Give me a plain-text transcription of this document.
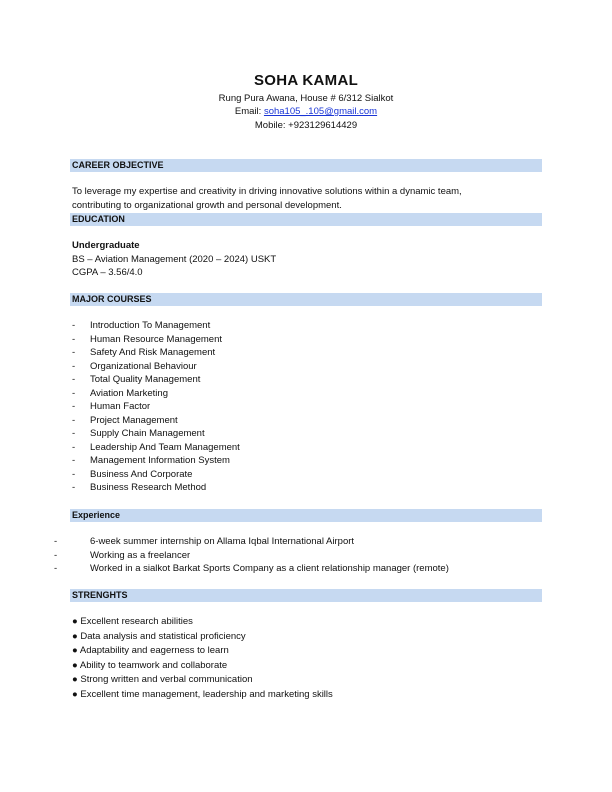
SOHA KAMAL
Rung Pura Awana, House # 6/312 Sialkot
Email: soha105_.105@gmail.com
Mobile: +923129614429
CAREER OBJECTIVE
To leverage my expertise and creativity in driving innovative solutions within a dynamic team,
contributing to organizational growth and personal development.
EDUCATION
Undergraduate
BS – Aviation Management (2020 – 2024) USKT
CGPA – 3.56/4.0
MAJOR COURSES
- Introduction To Management
- Human Resource Management
- Safety And Risk Management
- Organizational Behaviour
- Total Quality Management
- Aviation Marketing
- Human Factor
- Project Management
- Supply Chain Management
- Leadership And Team Management
- Management Information System
- Business And Corporate
- Business Research Method
Experience
-	6-week summer internship on Allama Iqbal International Airport
-	Working as a freelancer
-	Worked in a sialkot Barkat Sports Company as a client relationship manager (remote)
STRENGHTS
● Excellent research abilities
● Data analysis and statistical proficiency
● Adaptability and eagerness to learn
● Ability to teamwork and collaborate
● Strong written and verbal communication
● Excellent time management, leadership and marketing skills
